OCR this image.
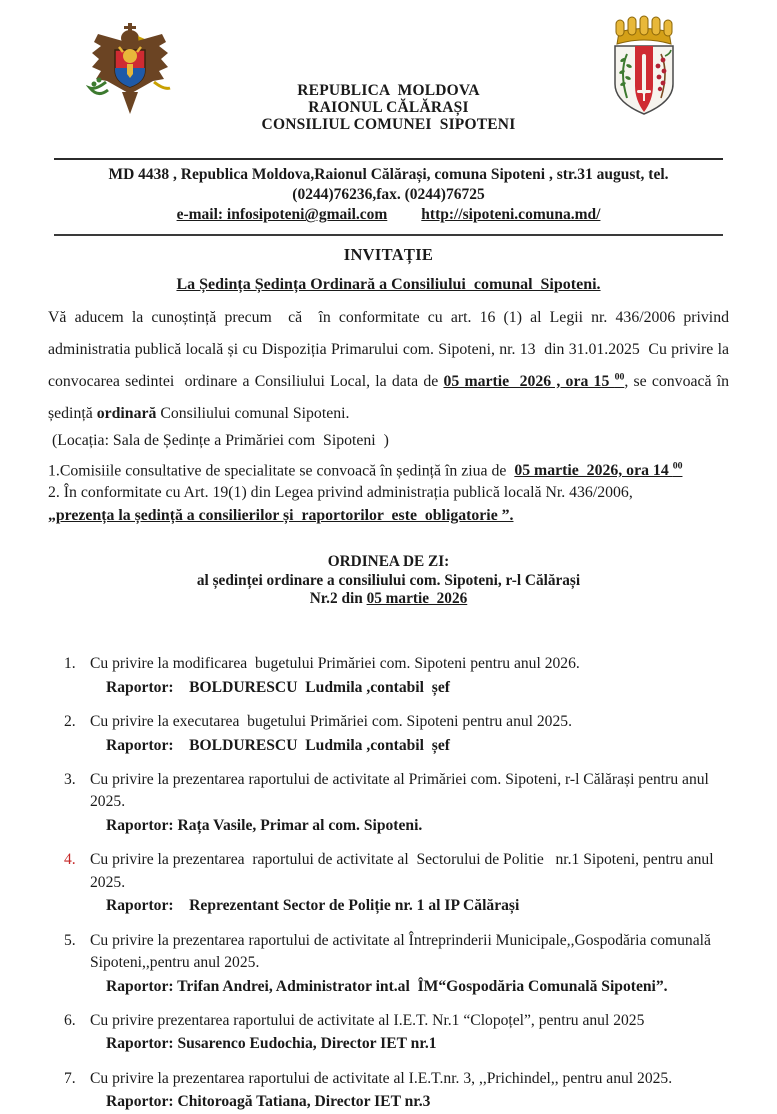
REPUBLICA  MOLDOVA
RAIONUL CĂLĂRAȘI
CONSILIUL COMUNEI  SIPOTENI
MD 4438 , Republica Moldova,Raionul Călărași, comuna Sipoteni , str.31 august, tel.
(0244)76236,fax. (0244)76725
e-mail: infosipoteni@gmail.com http://sipoteni.comuna.md/
INVITAȚIE
La Ședința Ședința Ordinară a Consiliului  comunal  Sipoteni.

Vă aducem la cunoștință precum  că  în conformitate cu art. 16 (1) al Legii nr. 436/2006 privind administratia publică locală și cu Dispoziția Primarului com. Sipoteni, nr. 13  din 31.01.2025  Cu privire la convocarea sedintei  ordinare a Consiliului Local, la data de 05 martie  2026 , ora 15 $^{00}$, se convoacă în  ședință ordinară Consiliului comunal Sipoteni.

(Locația: Sala de Ședințe a Primăriei com  Sipoteni  )
1.Comisiile consultative de specialitate se convoacă în ședință în ziua de  05 martie  2026, ora 14 $^{00}$
2. În conformitate cu Art. 19(1) din Legea privind administrația publică locală Nr. 436/2006,
„prezența la ședință a consilierilor și  raportorilor  este  obligatorie ”.
ORDINEA DE ZI:
al ședinței ordinare a consiliului com. Sipoteni, r-l Călărași
Nr.2 din 05 martie  2026
1. Cu privire la modificarea  bugetului Primăriei com. Sipoteni pentru anul 2026.
Raportor:    BOLDURESCU  Ludmila ,contabil  șef
2. Cu privire la executarea  bugetului Primăriei com. Sipoteni pentru anul 2025.
Raportor:    BOLDURESCU  Ludmila ,contabil  șef
3. Cu privire la prezentarea raportului de activitate al Primăriei com. Sipoteni, r-l Călărași pentru anul 2025.
Raportor: Rața Vasile, Primar al com. Sipoteni.
4. Cu privire la prezentarea  raportului de activitate al  Sectorului de Politie   nr.1 Sipoteni, pentru anul 2025.
Raportor:    Reprezentant Sector de Poliție nr. 1 al IP Călărași
5. Cu privire la prezentarea raportului de activitate al Întreprinderii Municipale,,Gospodăria comunală Sipoteni,,pentru anul 2025.
Raportor: Trifan Andrei, Administrator int.al  ÎM“Gospodăria Comunală Sipoteni”.
6. Cu privire prezentarea raportului de activitate al I.E.T. Nr.1 “Clopoțel”, pentru anul 2025
Raportor: Susarenco Eudochia, Director IET nr.1
7. Cu privire la prezentarea raportului de activitate al I.E.T.nr. 3, ,,Prichindel,, pentru anul 2025.
Raportor: Chitoroagă Tatiana, Director IET nr.3
